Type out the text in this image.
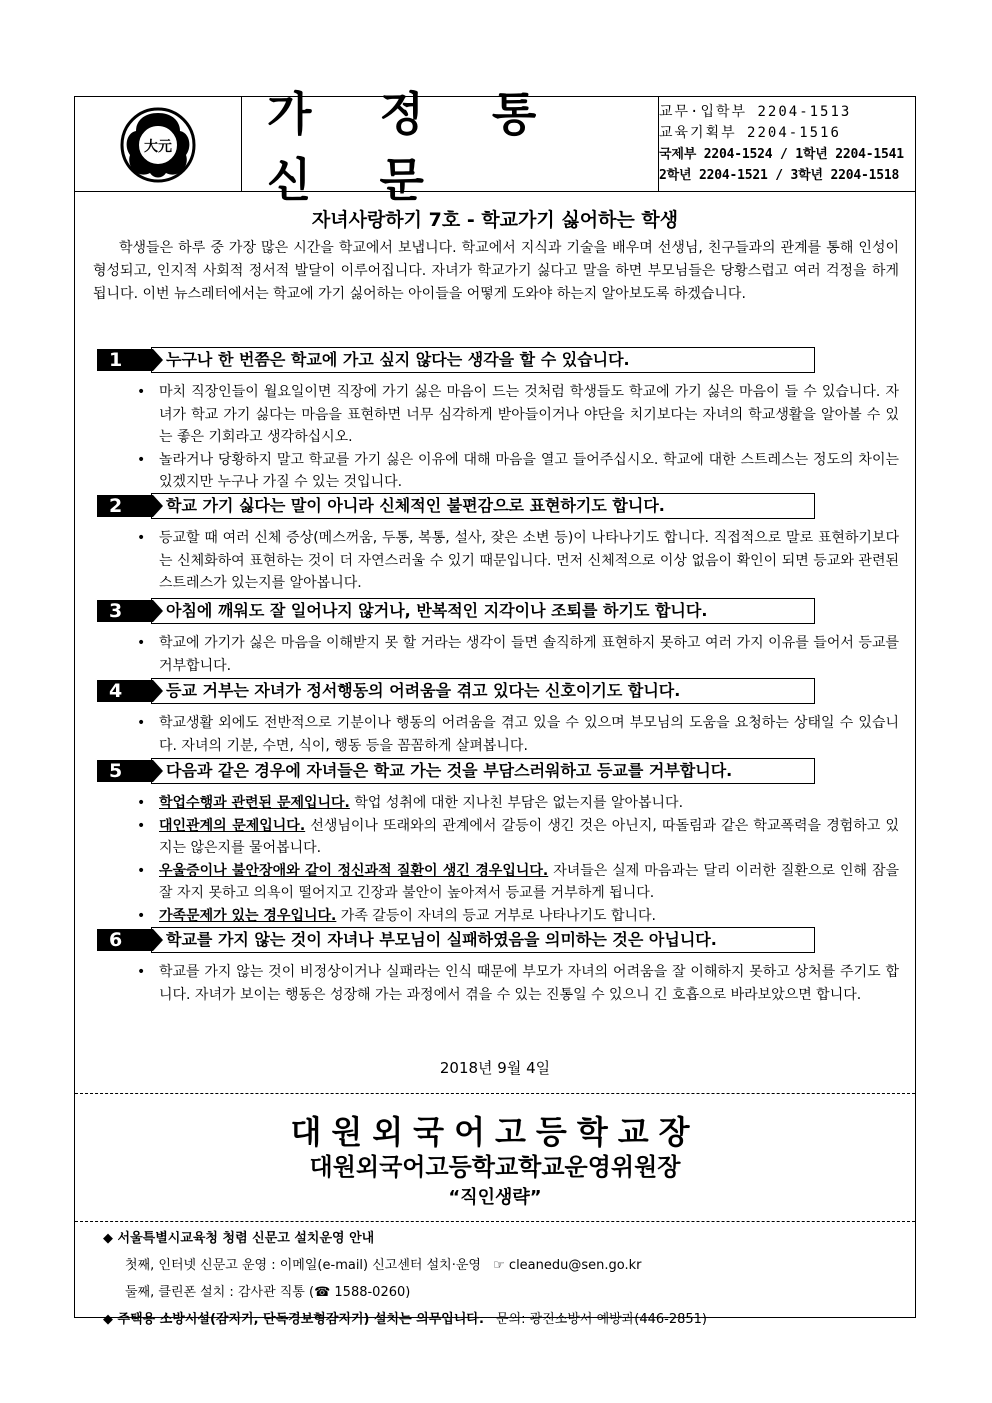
大元
가 정 통 신 문
교무·입학부 2204-1513
교육기획부 2204-1516
국제부 2204-1524 / 1학년 2204-1541
2학년 2204-1521 / 3학년 2204-1518
자녀사랑하기 7호 - 학교가기 싫어하는 학생
학생들은 하루 중 가장 많은 시간을 학교에서 보냅니다. 학교에서 지식과 기술을 배우며 선생님, 친구들과의 관계를 통해 인성이 형성되고, 인지적 사회적 정서적 발달이 이루어집니다. 자녀가 학교가기 싫다고 말을 하면 부모님들은 당황스럽고 여러 걱정을 하게 됩니다. 이번 뉴스레터에서는 학교에 가기 싫어하는 아이들을 어떻게 도와야 하는지 알아보도록 하겠습니다.
1	누구나 한 번쯤은 학교에 가고 싶지 않다는 생각을 할 수 있습니다.
• 마치 직장인들이 월요일이면 직장에 가기 싫은 마음이 드는 것처럼 학생들도 학교에 가기 싫은 마음이 들 수 있습니다. 자녀가 학교 가기 싫다는 마음을 표현하면 너무 심각하게 받아들이거나 야단을 치기보다는 자녀의 학교생활을 알아볼 수 있는 좋은 기회라고 생각하십시오.
• 놀라거나 당황하지 말고 학교를 가기 싫은 이유에 대해 마음을 열고 들어주십시오. 학교에 대한 스트레스는 정도의 차이는 있겠지만 누구나 가질 수 있는 것입니다.
2	학교 가기 싫다는 말이 아니라 신체적인 불편감으로 표현하기도 합니다.
• 등교할 때 여러 신체 증상(메스꺼움, 두통, 복통, 설사, 잦은 소변 등)이 나타나기도 합니다. 직접적으로 말로 표현하기보다는 신체화하여 표현하는 것이 더 자연스러울 수 있기 때문입니다. 먼저 신체적으로 이상 없음이 확인이 되면 등교와 관련된 스트레스가 있는지를 알아봅니다.
3	아침에 깨워도 잘 일어나지 않거나, 반복적인 지각이나 조퇴를 하기도 합니다.
• 학교에 가기가 싫은 마음을 이해받지 못 할 거라는 생각이 들면 솔직하게 표현하지 못하고 여러 가지 이유를 들어서 등교를 거부합니다.
4	등교 거부는 자녀가 정서행동의 어려움을 겪고 있다는 신호이기도 합니다.
• 학교생활 외에도 전반적으로 기분이나 행동의 어려움을 겪고 있을 수 있으며 부모님의 도움을 요청하는 상태일 수 있습니다. 자녀의 기분, 수면, 식이, 행동 등을 꼼꼼하게 살펴봅니다.
5	다음과 같은 경우에 자녀들은 학교 가는 것을 부담스러워하고 등교를 거부합니다.
• 학업수행과 관련된 문제입니다. 학업 성취에 대한 지나친 부담은 없는지를 알아봅니다.
• 대인관계의 문제입니다. 선생님이나 또래와의 관계에서 갈등이 생긴 것은 아닌지, 따돌림과 같은 학교폭력을 경험하고 있지는 않은지를 물어봅니다.
• 우울증이나 불안장애와 같이 정신과적 질환이 생긴 경우입니다. 자녀들은 실제 마음과는 달리 이러한 질환으로 인해 잠을 잘 자지 못하고 의욕이 떨어지고 긴장과 불안이 높아져서 등교를 거부하게 됩니다.
• 가족문제가 있는 경우입니다. 가족 갈등이 자녀의 등교 거부로 나타나기도 합니다.
6	학교를 가지 않는 것이 자녀나 부모님이 실패하였음을 의미하는 것은 아닙니다.
• 학교를 가지 않는 것이 비정상이거나 실패라는 인식 때문에 부모가 자녀의 어려움을 잘 이해하지 못하고 상처를 주기도 합니다. 자녀가 보이는 행동은 성장해 가는 과정에서 겪을 수 있는 진통일 수 있으니 긴 호흡으로 바라보았으면 합니다.
2018년 9월 4일
대원외국어고등학교장
대원외국어고등학교학교운영위원장
“직인생략”
◆ 서울특별시교육청 청렴 신문고 설치운영 안내
첫째, 인터넷 신문고 운영 : 이메일(e-mail) 신고센터 설치·운영 ☞ cleanedu@sen.go.kr
둘째, 클린폰 설치 : 감사관 직통 (☎ 1588-0260)
◆ 주택용 소방시설(감지기, 단독경보형감지기) 설치는 의무입니다. 문의: 광진소방서 예방과(446-2851)
